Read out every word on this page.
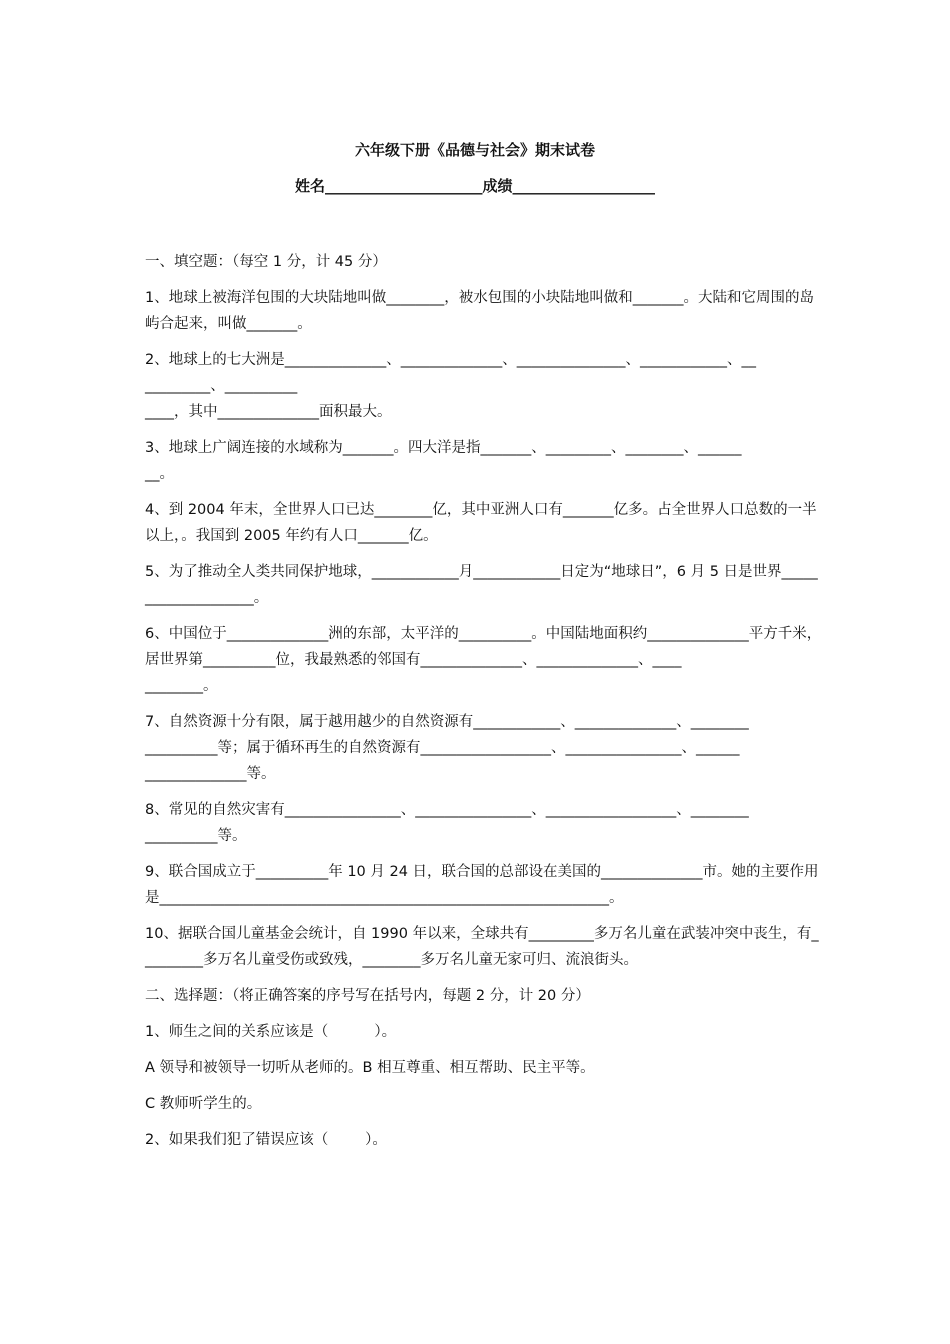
六年级下册《品德与社会》期末试卷
姓名_____________________成绩___________________

一、填空题：（每空 1 分，计 45 分）

1、地球上被海洋包围的大块陆地叫做________，被水包围的小块陆地叫做和_______。大陆和它周围的岛屿合起来，叫做_______。

2、地球上的七大洲是______________、______________、_______________、____________、__
_________、__________
____，其中______________面积最大。

3、地球上广阔连接的水域称为_______。四大洋是指_______、_________、________、______
__。

4、到 2004 年末，全世界人口已达________亿，其中亚洲人口有_______亿多。占全世界人口总数的一半以上，。我国到 2005 年约有人口_______亿。

5、为了推动全人类共同保护地球，____________月____________日定为“地球日”，6 月 5 日是世界____________________。

6、中国位于______________洲的东部，太平洋的__________。中国陆地面积约______________平方千米，居世界第__________位，我最熟悉的邻国有______________、______________、____
________。

7、自然资源十分有限，属于越用越少的自然资源有____________、______________、________
__________等；属于循环再生的自然资源有__________________、________________、______
______________等。

8、常见的自然灾害有________________、________________、__________________、________
__________等。

9、联合国成立于__________年 10 月 24 日，联合国的总部设在美国的______________市。她的主要作用是______________________________________________________________。

10、据联合国儿童基金会统计，自 1990 年以来，全球共有_________多万名儿童在武装冲突中丧生，有_________多万名儿童受伤或致残，________多万名儿童无家可归、流浪街头。

二、选择题：（将正确答案的序号写在括号内，每题 2 分，计 20 分）

1、师生之间的关系应该是（          ）。

A 领导和被领导一切听从老师的。B 相互尊重、相互帮助、民主平等。

C 教师听学生的。

2、如果我们犯了错误应该（        ）。
